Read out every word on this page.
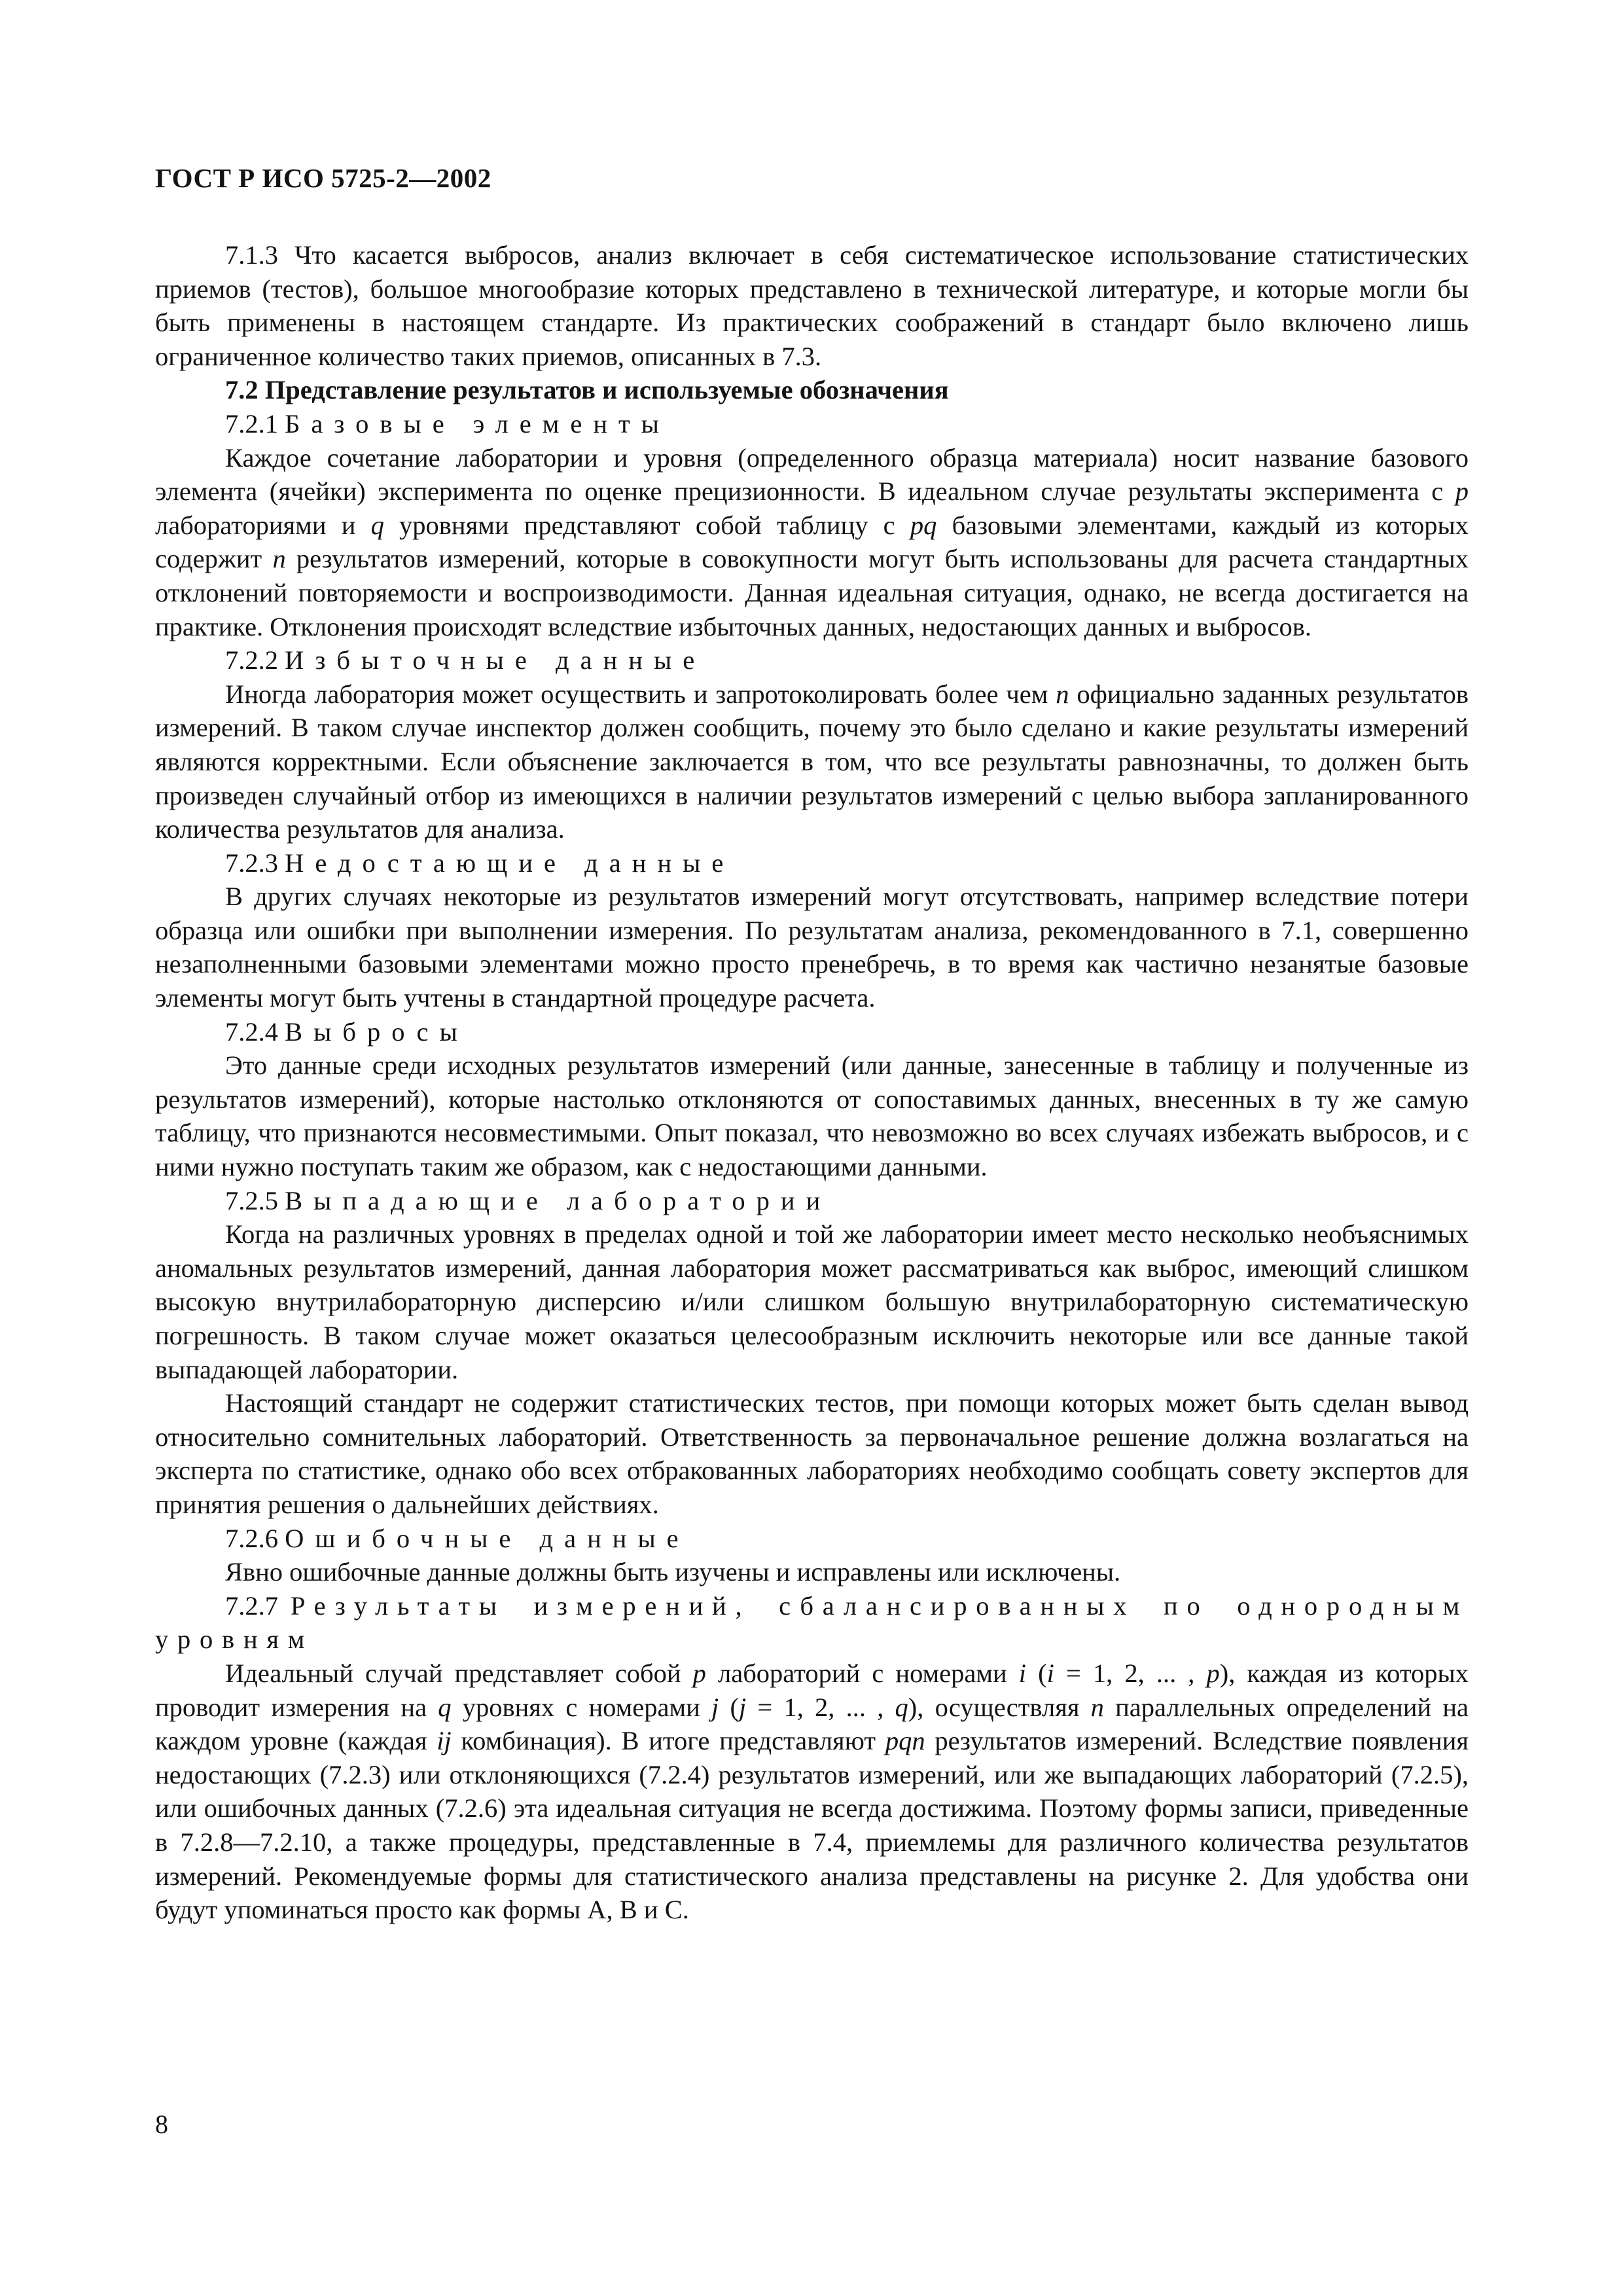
ГОСТ Р ИСО 5725-2—2002

7.1.3 Что касается выбросов, анализ включает в себя систематическое использование статистических приемов (тестов), большое многообразие которых представлено в технической литературе, и которые могли бы быть применены в настоящем стандарте. Из практических соображений в стандарт было включено лишь ограниченное количество таких приемов, описанных в 7.3.

7.2 Представление результатов и используемые обозначения

7.2.1 Базовые элементы

Каждое сочетание лаборатории и уровня (определенного образца материала) носит название базового элемента (ячейки) эксперимента по оценке прецизионности. В идеальном случае результаты эксперимента с p лабораториями и q уровнями представляют собой таблицу с pq базовыми элементами, каждый из которых содержит n результатов измерений, которые в совокупности могут быть использованы для расчета стандартных отклонений повторяемости и воспроизводимости. Данная идеальная ситуация, однако, не всегда достигается на практике. Отклонения происходят вследствие избыточных данных, недостающих данных и выбросов.

7.2.2 Избыточные данные

Иногда лаборатория может осуществить и запротоколировать более чем n официально заданных результатов измерений. В таком случае инспектор должен сообщить, почему это было сделано и какие результаты измерений являются корректными. Если объяснение заключается в том, что все результаты равнозначны, то должен быть произведен случайный отбор из имеющихся в наличии результатов измерений с целью выбора запланированного количества результатов для анализа.

7.2.3 Недостающие данные

В других случаях некоторые из результатов измерений могут отсутствовать, например вследствие потери образца или ошибки при выполнении измерения. По результатам анализа, рекомендованного в 7.1, совершенно незаполненными базовыми элементами можно просто пренебречь, в то время как частично незанятые базовые элементы могут быть учтены в стандартной процедуре расчета.

7.2.4 Выбросы

Это данные среди исходных результатов измерений (или данные, занесенные в таблицу и полученные из результатов измерений), которые настолько отклоняются от сопоставимых данных, внесенных в ту же самую таблицу, что признаются несовместимыми. Опыт показал, что невозможно во всех случаях избежать выбросов, и с ними нужно поступать таким же образом, как с недостающими данными.

7.2.5 Выпадающие лаборатории

Когда на различных уровнях в пределах одной и той же лаборатории имеет место несколько необъяснимых аномальных результатов измерений, данная лаборатория может рассматриваться как выброс, имеющий слишком высокую внутрилабораторную дисперсию и/или слишком большую внутрилабораторную систематическую погрешность. В таком случае может оказаться целесообразным исключить некоторые или все данные такой выпадающей лаборатории.

Настоящий стандарт не содержит статистических тестов, при помощи которых может быть сделан вывод относительно сомнительных лабораторий. Ответственность за первоначальное решение должна возлагаться на эксперта по статистике, однако обо всех отбракованных лабораториях необходимо сообщать совету экспертов для принятия решения о дальнейших действиях.

7.2.6 Ошибочные данные

Явно ошибочные данные должны быть изучены и исправлены или исключены.

7.2.7 Результаты измерений, сбалансированных по однородным уровням

Идеальный случай представляет собой p лабораторий с номерами i (i = 1, 2, ... , p), каждая из которых проводит измерения на q уровнях с номерами j (j = 1, 2, ... , q), осуществляя n параллельных определений на каждом уровне (каждая ij комбинация). В итоге представляют pqn результатов измерений. Вследствие появления недостающих (7.2.3) или отклоняющихся (7.2.4) результатов измерений, или же выпадающих лабораторий (7.2.5), или ошибочных данных (7.2.6) эта идеальная ситуация не всегда достижима. Поэтому формы записи, приведенные в 7.2.8—7.2.10, а также процедуры, представленные в 7.4, приемлемы для различного количества результатов измерений. Рекомендуемые формы для статистического анализа представлены на рисунке 2. Для удобства они будут упоминаться просто как формы А, В и С.

8
